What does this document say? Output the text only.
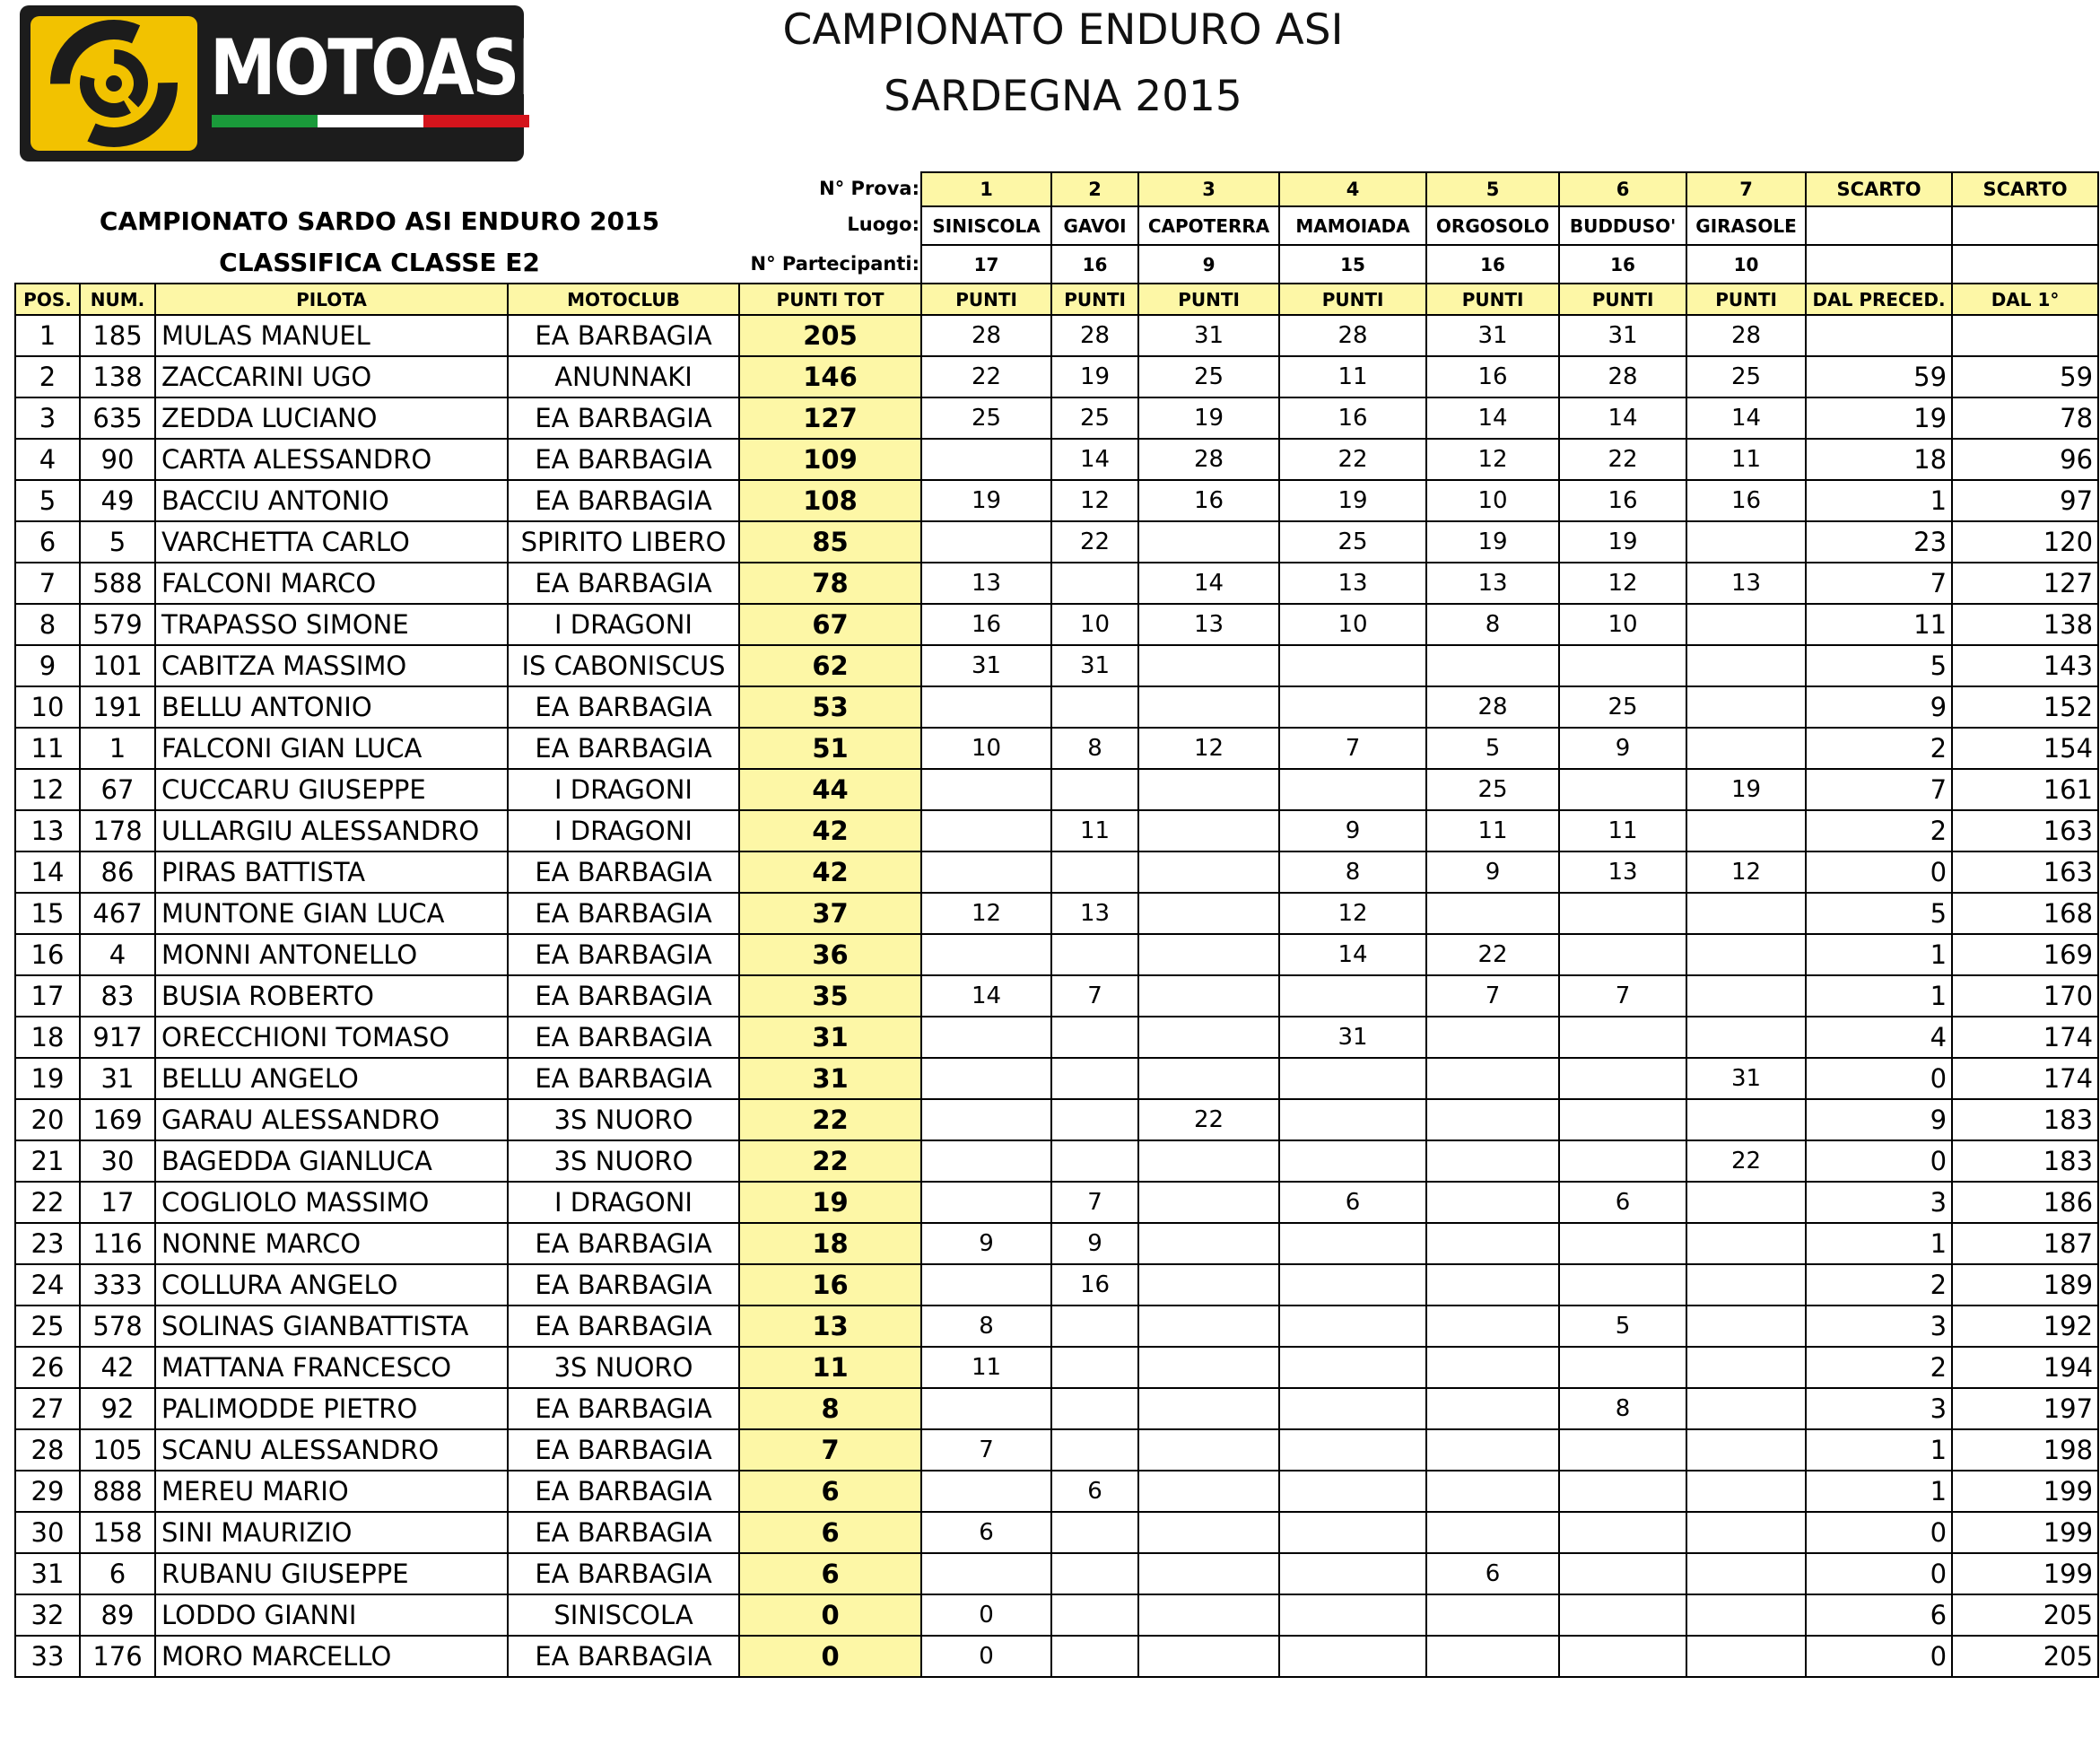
MOTOASI.IT	CAMPIONATO ENDURO ASI
SARDEGNA 2015
CAMPIONATO SARDO ASI ENDURO 2015
CLASSIFICA CLASSE E2
N° Prova:
Luogo:
N° Partecipanti:
					1	2	3	4	5	6	7	SCARTO	SCARTO
					SINISCOLA	GAVOI	CAPOTERRA	MAMOIADA	ORGOSOLO	BUDDUSO'	GIRASOLE		
					17	16	9	15	16	16	10		
POS.	NUM.	PILOTA	MOTOCLUB	PUNTI TOT	PUNTI	PUNTI	PUNTI	PUNTI	PUNTI	PUNTI	PUNTI	DAL PRECED.	DAL 1°
1	185	MULAS MANUEL	EA BARBAGIA	205	28	28	31	28	31	31	28		
2	138	ZACCARINI UGO	ANUNNAKI	146	22	19	25	11	16	28	25	59	59
3	635	ZEDDA LUCIANO	EA BARBAGIA	127	25	25	19	16	14	14	14	19	78
4	90	CARTA ALESSANDRO	EA BARBAGIA	109		14	28	22	12	22	11	18	96
5	49	BACCIU ANTONIO	EA BARBAGIA	108	19	12	16	19	10	16	16	1	97
6	5	VARCHETTA CARLO	SPIRITO LIBERO	85		22		25	19	19		23	120
7	588	FALCONI MARCO	EA BARBAGIA	78	13		14	13	13	12	13	7	127
8	579	TRAPASSO SIMONE	I DRAGONI	67	16	10	13	10	8	10		11	138
9	101	CABITZA MASSIMO	IS CABONISCUS	62	31	31						5	143
10	191	BELLU ANTONIO	EA BARBAGIA	53					28	25		9	152
11	1	FALCONI GIAN LUCA	EA BARBAGIA	51	10	8	12	7	5	9		2	154
12	67	CUCCARU GIUSEPPE	I DRAGONI	44					25		19	7	161
13	178	ULLARGIU ALESSANDRO	I DRAGONI	42		11		9	11	11		2	163
14	86	PIRAS BATTISTA	EA BARBAGIA	42				8	9	13	12	0	163
15	467	MUNTONE GIAN LUCA	EA BARBAGIA	37	12	13		12				5	168
16	4	MONNI ANTONELLO	EA BARBAGIA	36				14	22			1	169
17	83	BUSIA ROBERTO	EA BARBAGIA	35	14	7			7	7		1	170
18	917	ORECCHIONI TOMASO	EA BARBAGIA	31				31				4	174
19	31	BELLU ANGELO	EA BARBAGIA	31							31	0	174
20	169	GARAU ALESSANDRO	3S NUORO	22			22					9	183
21	30	BAGEDDA GIANLUCA	3S NUORO	22							22	0	183
22	17	COGLIOLO MASSIMO	I DRAGONI	19		7		6		6		3	186
23	116	NONNE MARCO	EA BARBAGIA	18	9	9						1	187
24	333	COLLURA ANGELO	EA BARBAGIA	16		16						2	189
25	578	SOLINAS GIANBATTISTA	EA BARBAGIA	13	8					5		3	192
26	42	MATTANA FRANCESCO	3S NUORO	11	11							2	194
27	92	PALIMODDE PIETRO	EA BARBAGIA	8						8		3	197
28	105	SCANU ALESSANDRO	EA BARBAGIA	7	7							1	198
29	888	MEREU MARIO	EA BARBAGIA	6		6						1	199
30	158	SINI MAURIZIO	EA BARBAGIA	6	6							0	199
31	6	RUBANU GIUSEPPE	EA BARBAGIA	6					6			0	199
32	89	LODDO GIANNI	SINISCOLA	0	0							6	205
33	176	MORO MARCELLO	EA BARBAGIA	0	0							0	205
